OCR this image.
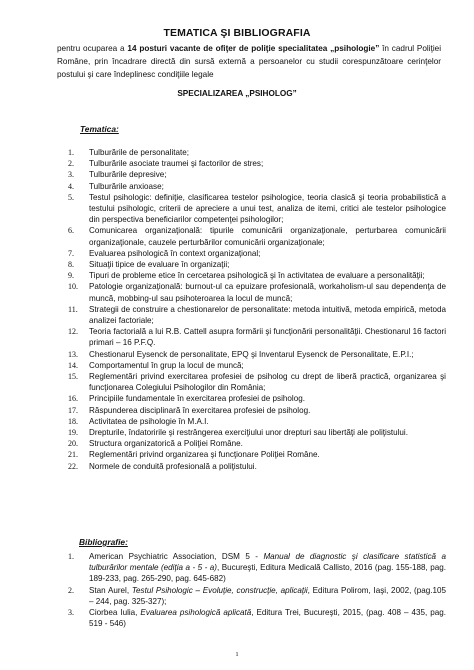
TEMATICA ŞI BIBLIOGRAFIA
pentru ocuparea a 14 posturi vacante de ofiţer de poliţie specialitatea „psihologie” în cadrul Poliţiei Române, prin încadrare directă din sursă externă a persoanelor cu studii corespunzătoare cerinţelor postului şi care îndeplinesc condiţiile legale
SPECIALIZAREA „PSIHOLOG”
Tematica:
1.	Tulburările de personalitate;
2.	Tulburările asociate traumei şi factorilor de stres;
3.	Tulburările depresive;
4.	Tulburările anxioase;
5.	Testul psihologic: definiţie, clasificarea testelor psihologice, teoria clasică şi teoria probabilistică a testului psihologic, criterii de apreciere a unui test, analiza de itemi, critici ale testelor psihologice din perspectiva beneficiarilor competenţei psihologilor;
6.	Comunicarea organizaţională: tipurile comunicării organizaţionale, perturbarea comunicării organizaţionale, cauzele perturbărilor comunicării organizaţionale;
7.	Evaluarea psihologică în context organizaţional;
8.	Situaţii tipice de evaluare în organizaţii;
9.	Tipuri de probleme etice în cercetarea psihologică şi în activitatea de evaluare a personalităţii;
10.	Patologie organizaţională: burnout-ul ca epuizare profesională, workaholism-ul sau dependenţa de muncă, mobbing-ul sau psihoteroarea la locul de muncă;
11.	Strategii de construire a chestionarelor de personalitate: metoda intuitivă, metoda empirică, metoda analizei factoriale;
12.	Teoria factorială a lui R.B. Cattell asupra formării şi funcţionării personalităţii. Chestionarul 16 factori primari – 16 P.F.Q.
13.	Chestionarul Eysenck de personalitate, EPQ şi Inventarul Eysenck de Personalitate, E.P.I.;
14.	Comportamentul în grup la locul de muncă;
15.	Reglementări privind exercitarea profesiei de psiholog cu drept de liberă practică, organizarea şi funcţionarea Colegiului Psihologilor din România;
16.	Principiile fundamentale în exercitarea profesiei de psiholog.
17.	Răspunderea disciplinară în exercitarea profesiei de psiholog.
18.	Activitatea de psihologie în M.A.I.
19.	Drepturile, îndatoririle şi restrângerea exerciţiului unor drepturi sau libertăţi ale poliţistului.
20.	Structura organizatorică a Poliţiei Române.
21.	Reglementări privind organizarea şi funcţionare Poliţiei Române.
22.	Normele de conduită profesională a poliţistului.
Bibliografie:
1.	American Psychiatric Association, DSM 5 - Manual de diagnostic şi clasificare statistică a tulburărilor mentale (ediţia a - 5 - a), Bucureşti, Editura Medicală Callisto, 2016 (pag. 155-188, pag. 189-233, pag. 265-290, pag. 645-682)
2.	Stan Aurel, Testul Psihologic – Evoluţie, construcţie, aplicaţii, Editura Polirom, Iaşi, 2002, (pag.105 – 244, pag. 325-327);
3.	Ciorbea Iulia, Evaluarea psihologică aplicată, Editura Trei, Bucureşti, 2015, (pag. 408 – 435, pag. 519 - 546)
1
